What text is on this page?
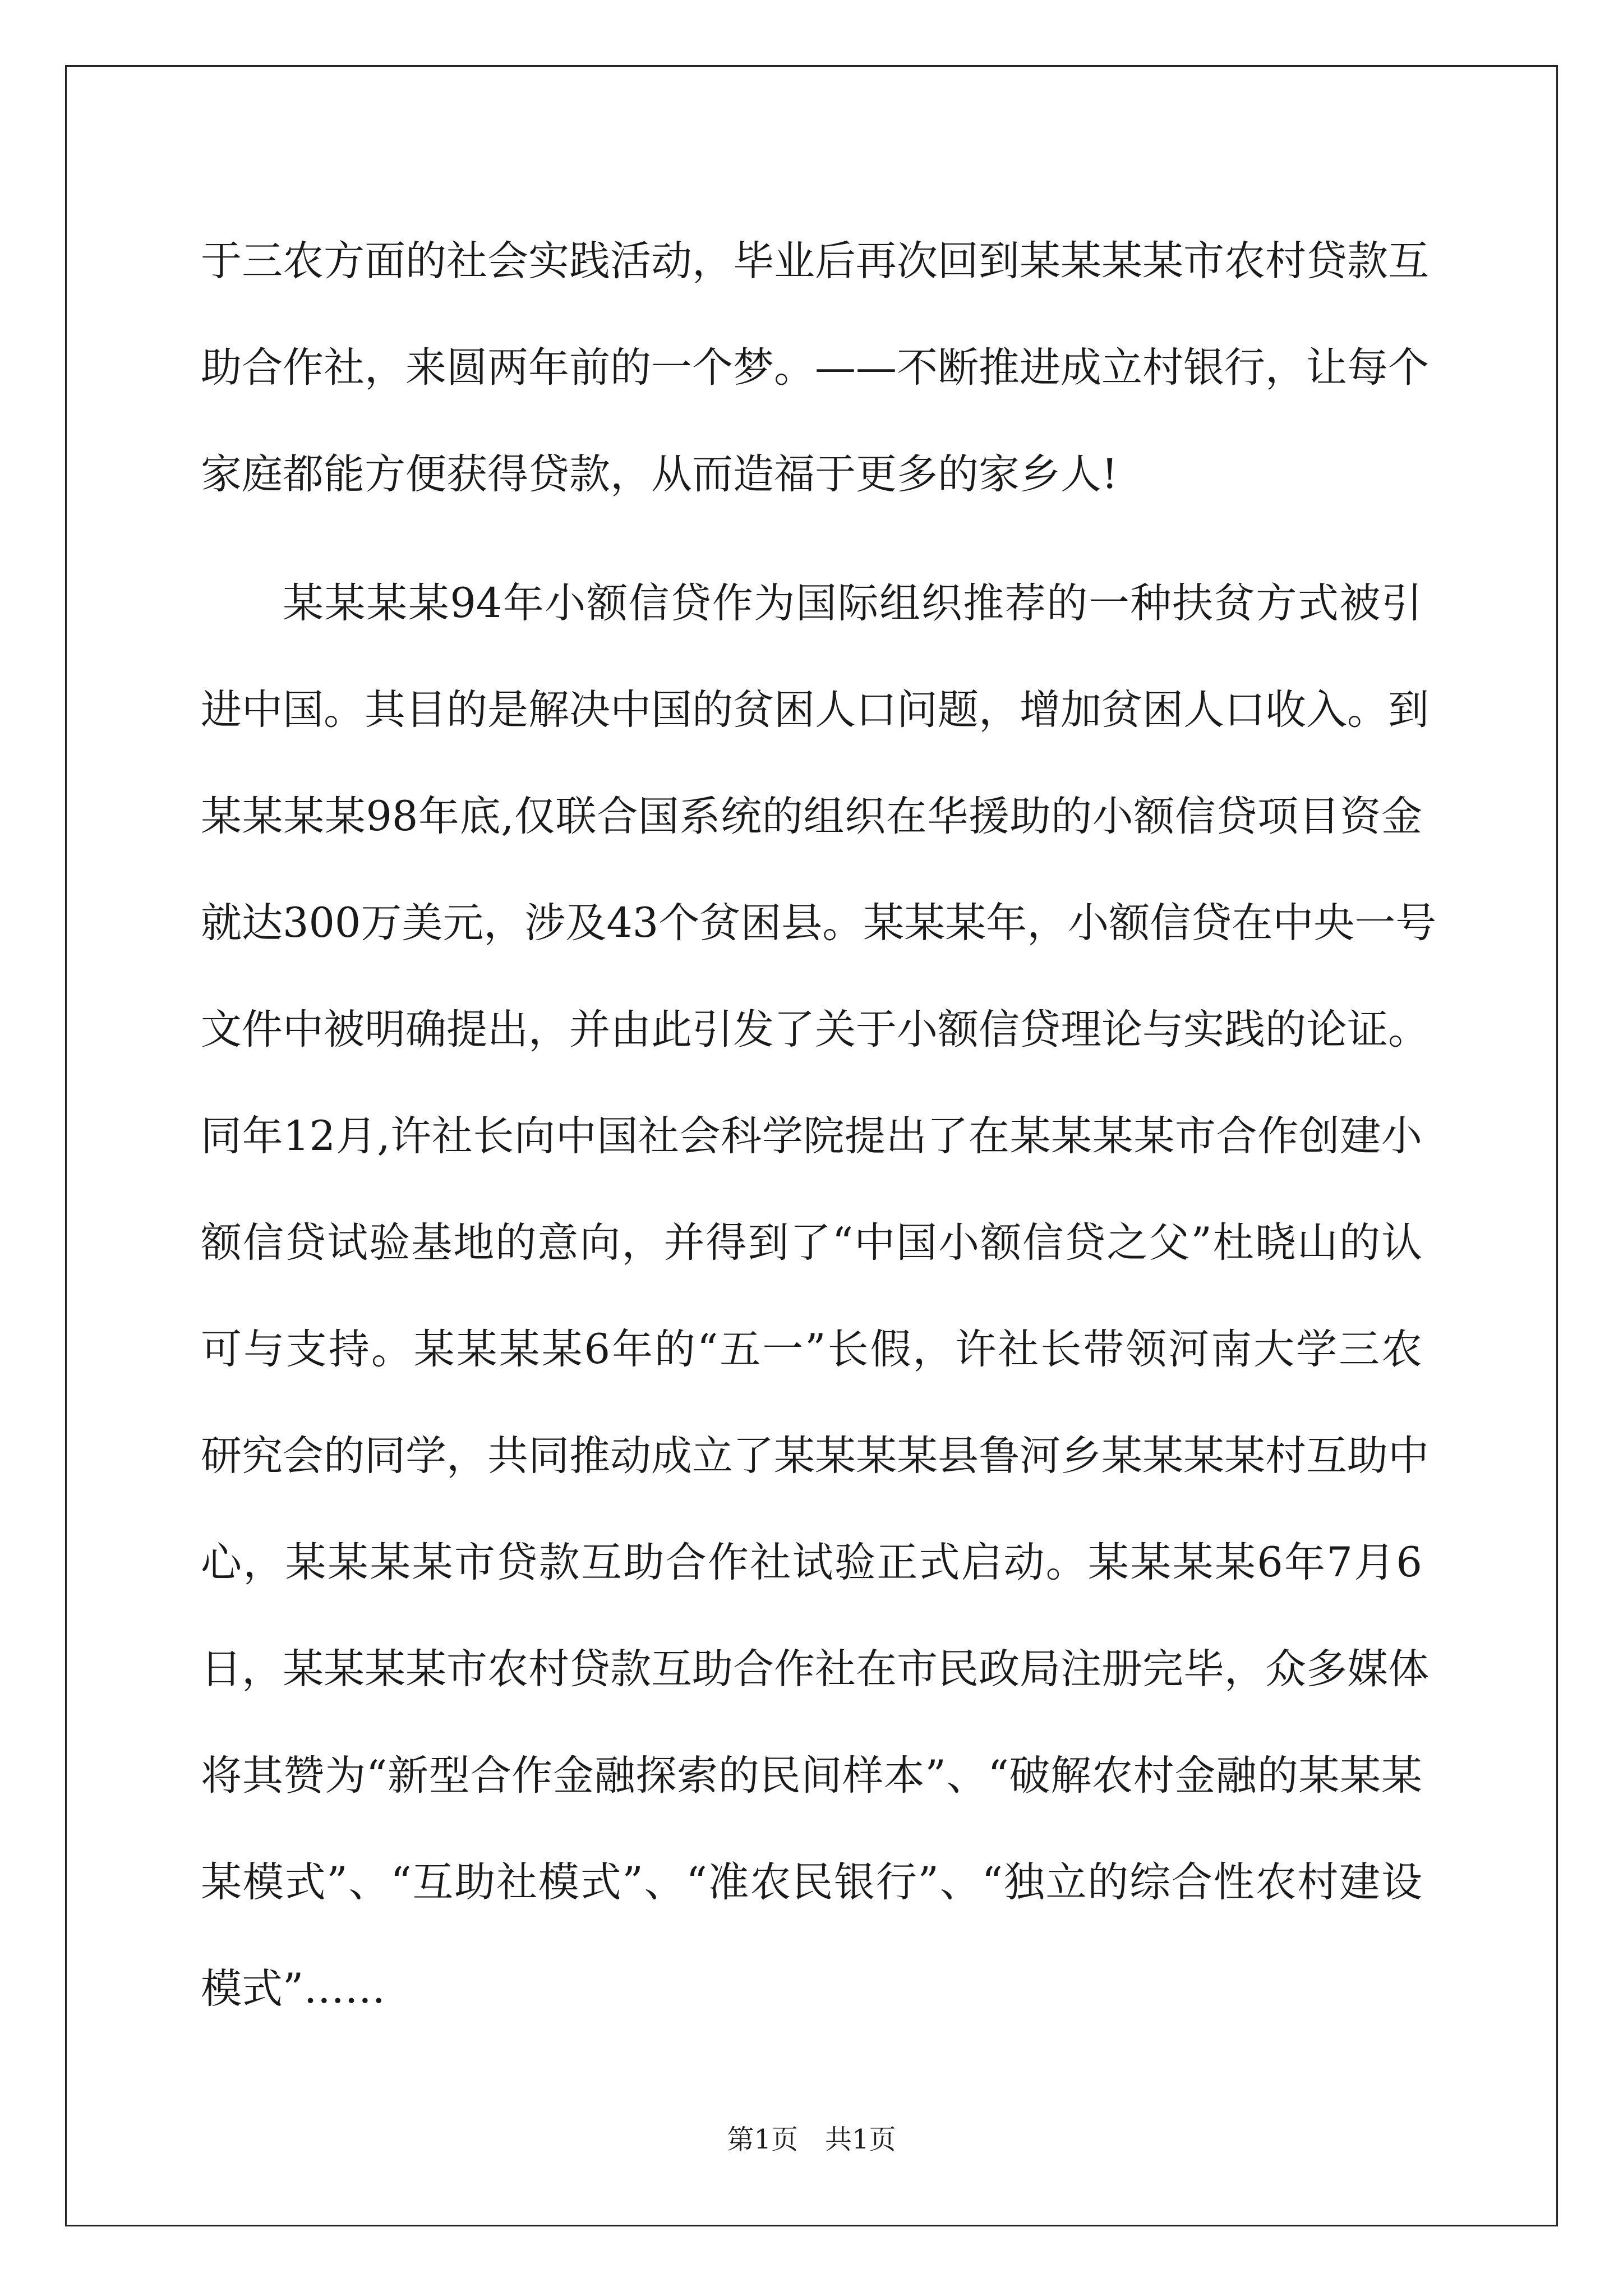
于三农方面的社会实践活动，毕业后再次回到某某某某市农村贷款互
助合作社，来圆两年前的一个梦。——不断推进成立村银行，让每个
家庭都能方便获得贷款，从而造福于更多的家乡人!
某某某某94年小额信贷作为国际组织推荐的一种扶贫方式被引
进中国。其目的是解决中国的贫困人口问题，增加贫困人口收入。到
某某某某98年底,仅联合国系统的组织在华援助的小额信贷项目资金
就达300万美元，涉及43个贫困县。某某某年，小额信贷在中央一号
文件中被明确提出，并由此引发了关于小额信贷理论与实践的论证。
同年12月,许社长向中国社会科学院提出了在某某某某市合作创建小
额信贷试验基地的意向，并得到了“中国小额信贷之父”杜晓山的认
可与支持。某某某某6年的“五一”长假，许社长带领河南大学三农
研究会的同学，共同推动成立了某某某某县鲁河乡某某某某村互助中
心，某某某某市贷款互助合作社试验正式启动。某某某某6年7月6
日，某某某某市农村贷款互助合作社在市民政局注册完毕，众多媒体
将其赞为“新型合作金融探索的民间样本”、“破解农村金融的某某某
某模式”、“互助社模式”、“准农民银行”、“独立的综合性农村建设
模式”……
第1页　共1页
